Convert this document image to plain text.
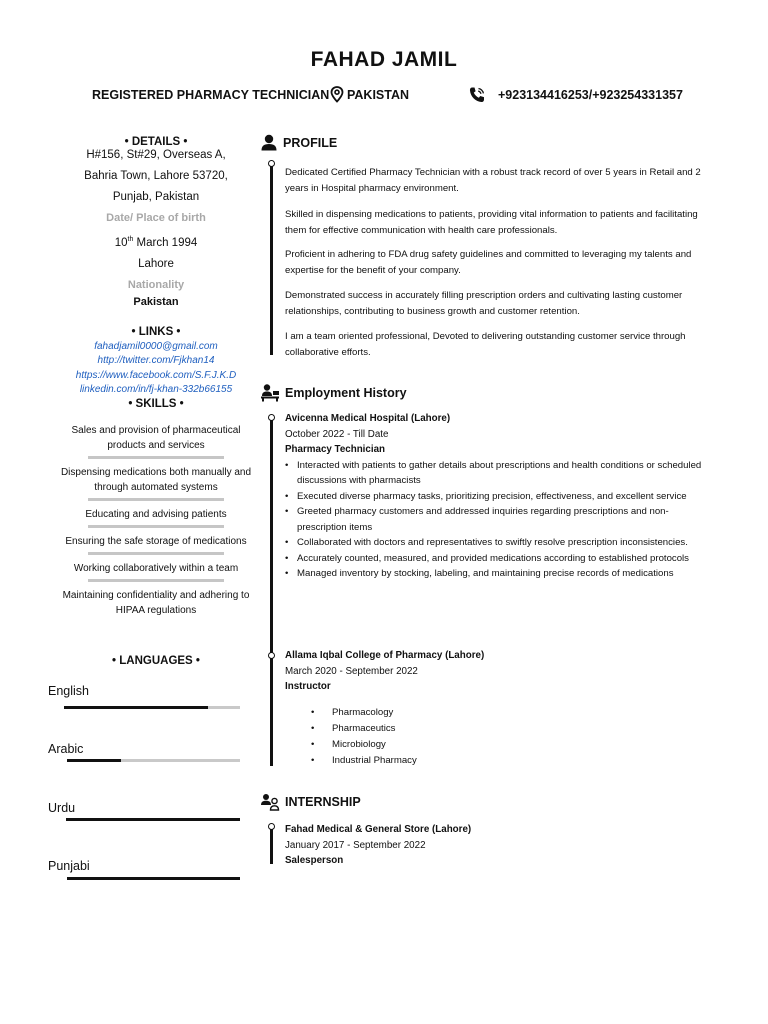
FAHAD JAMIL
REGISTERED PHARMACY TECHNICIAN PAKISTAN	+923134416253/+923254331357
• DETAILS •
H#156, St#29, Overseas A,
Bahria Town, Lahore 53720,
Punjab, Pakistan
Date/ Place of birth
10th March 1994
Lahore
Nationality
Pakistan
• LINKS •
fahadjamil0000@gmail.com
http://twitter.com/Fjkhan14
https://www.facebook.com/S.F.J.K.D
linkedin.com/in/fj-khan-332b66155
• SKILLS •
Sales and provision of pharmaceutical products and services
Dispensing medications both manually and through automated systems
Educating and advising patients
Ensuring the safe storage of medications
Working collaboratively within a team
Maintaining confidentiality and adhering to HIPAA regulations
• LANGUAGES •
English
Arabic
Urdu
Punjabi
PROFILE

Dedicated Certified Pharmacy Technician with a robust track record of over 5 years in Retail and 2 years in Hospital pharmacy environment.

Skilled in dispensing medications to patients, providing vital information to patients and facilitating them for effective communication with health care professionals.

Proficient in adhering to FDA drug safety guidelines and committed to leveraging my talents and expertise for the benefit of your company.

Demonstrated success in accurately filling prescription orders and cultivating lasting customer relationships, contributing to business growth and customer retention.

I am a team oriented professional, Devoted to delivering outstanding customer service through collaborative efforts.

Employment History
Avicenna Medical Hospital (Lahore)
October 2022 - Till Date
Pharmacy Technician
• Interacted with patients to gather details about prescriptions and health conditions or scheduled discussions with pharmacists
• Executed diverse pharmacy tasks, prioritizing precision, effectiveness, and excellent service
• Greeted pharmacy customers and addressed inquiries regarding prescriptions and non-prescription items
• Collaborated with doctors and representatives to swiftly resolve prescription inconsistencies.
• Accurately counted, measured, and provided medications according to established protocols
• Managed inventory by stocking, labeling, and maintaining precise records of medications
Allama Iqbal College of Pharmacy (Lahore)
March 2020 - September 2022
Instructor
• Pharmacology
• Pharmaceutics
• Microbiology
• Industrial Pharmacy
INTERNSHIP
Fahad Medical & General Store (Lahore)
January 2017 - September 2022
Salesperson
